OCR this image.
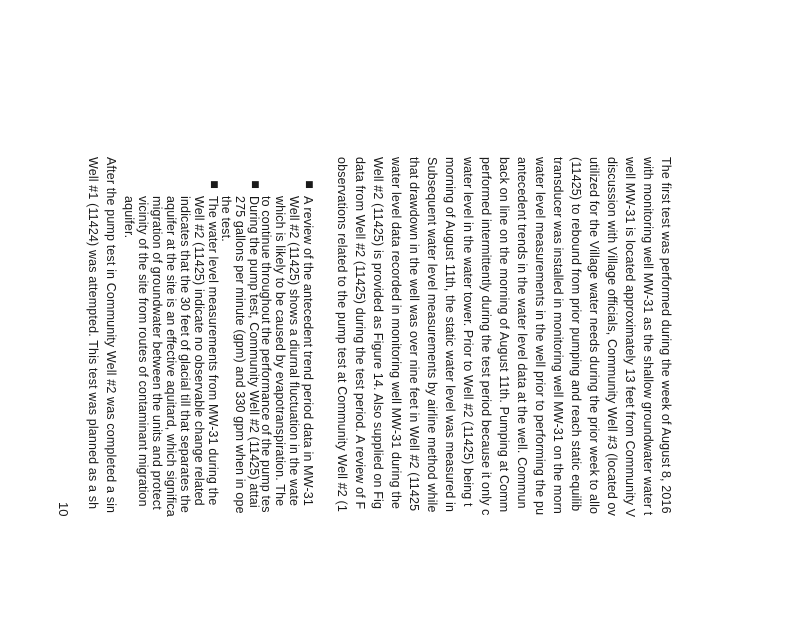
The first test was performed during the week of August 8, 2016
with monitoring well MW-31 as the shallow groundwater water t
well MW-31 is located approximately 13 feet from Community V
discussion with Village officials, Community Well #3 (located ov
utilized for the Village water needs during the prior week to allo
(11425) to rebound from prior pumping and reach static equilib
transducer was installed in monitoring well MW-31 on the morn
water level measurements in the well prior to performing the pu
antecedent trends in the water level data at the well. Commun
back on line on the morning of August 11th. Pumping at Comm
performed intermittently during the test period because it only c
water level in the water tower. Prior to Well #2 (11425) being t
morning of August 11th, the static water level was measured in
Subsequent water level measurements by airline method while
that drawdown in the well was over nine feet in Well #2 (11425
water level data recorded in monitoring well MW-31 during the
Well #2 (11425) is provided as Figure 14. Also supplied on Fig
data from Well #2 (11425) during the test period. A review of F
observations related to the pump test at Community Well #2 (1
■
A review of the antecedent trend period data in MW-31
Well #2 (11425) shows a diurnal fluctuation in the wate
which is likely to be caused by evapotranspiration. The
to continue throughout the performance of the pump tes
■
During the pump test, Community Well #2 (11425) attai
275 gallons per minute (gpm) and 330 gpm when in ope
the test.
■
The water level measurements from MW-31 during the
Well #2 (11425) indicate no observable change related
indicates that the 30 feet of glacial till that separates the
aquifer at the site is an effective aquitard, which significa
migration of groundwater between the units and protect
vicinity of the site from routes of contaminant migration
aquifer.
After the pump test in Community Well #2 was completed a sin
Well #1 (11424) was attempted. This test was planned as a sh
10
